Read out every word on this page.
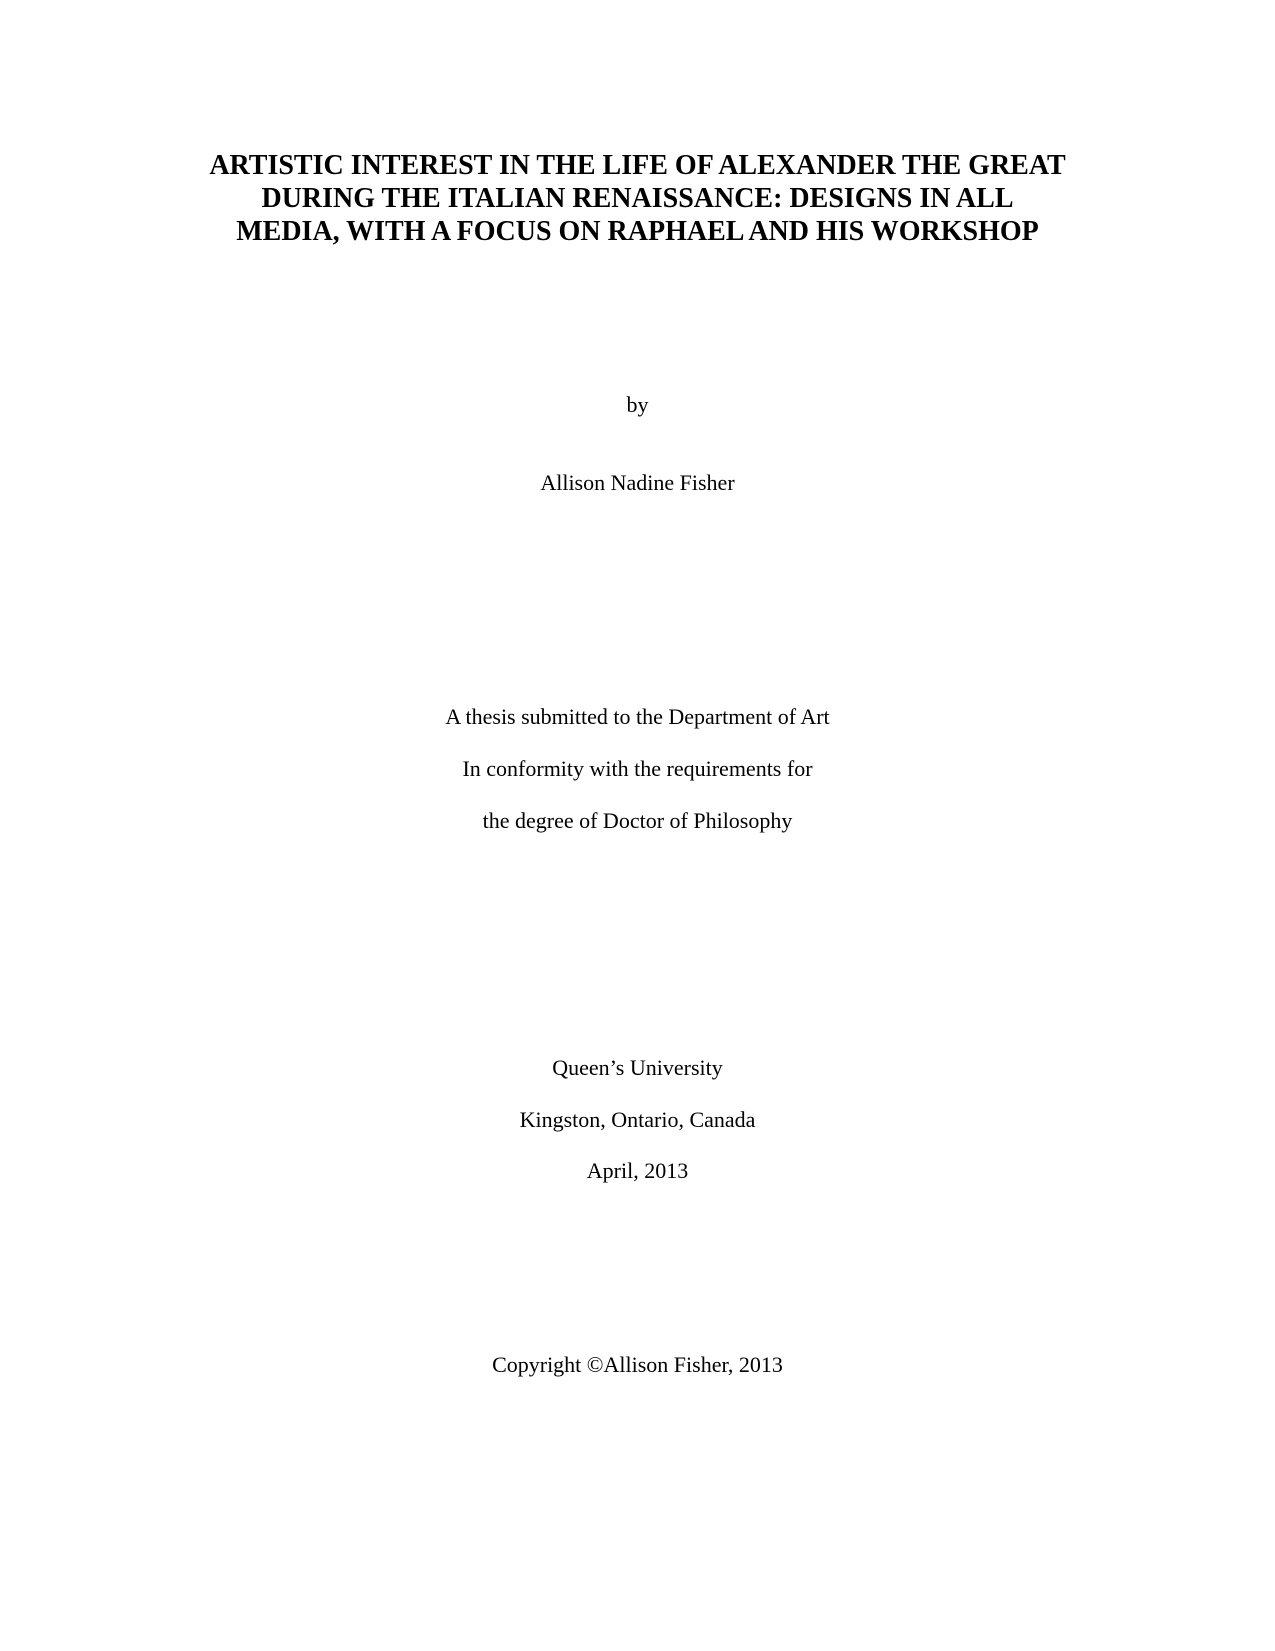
ARTISTIC INTEREST IN THE LIFE OF ALEXANDER THE GREAT
DURING THE ITALIAN RENAISSANCE: DESIGNS IN ALL
MEDIA, WITH A FOCUS ON RAPHAEL AND HIS WORKSHOP
by
Allison Nadine Fisher
A thesis submitted to the Department of Art
In conformity with the requirements for
the degree of Doctor of Philosophy
Queen’s University
Kingston, Ontario, Canada
April, 2013
Copyright ©Allison Fisher, 2013
